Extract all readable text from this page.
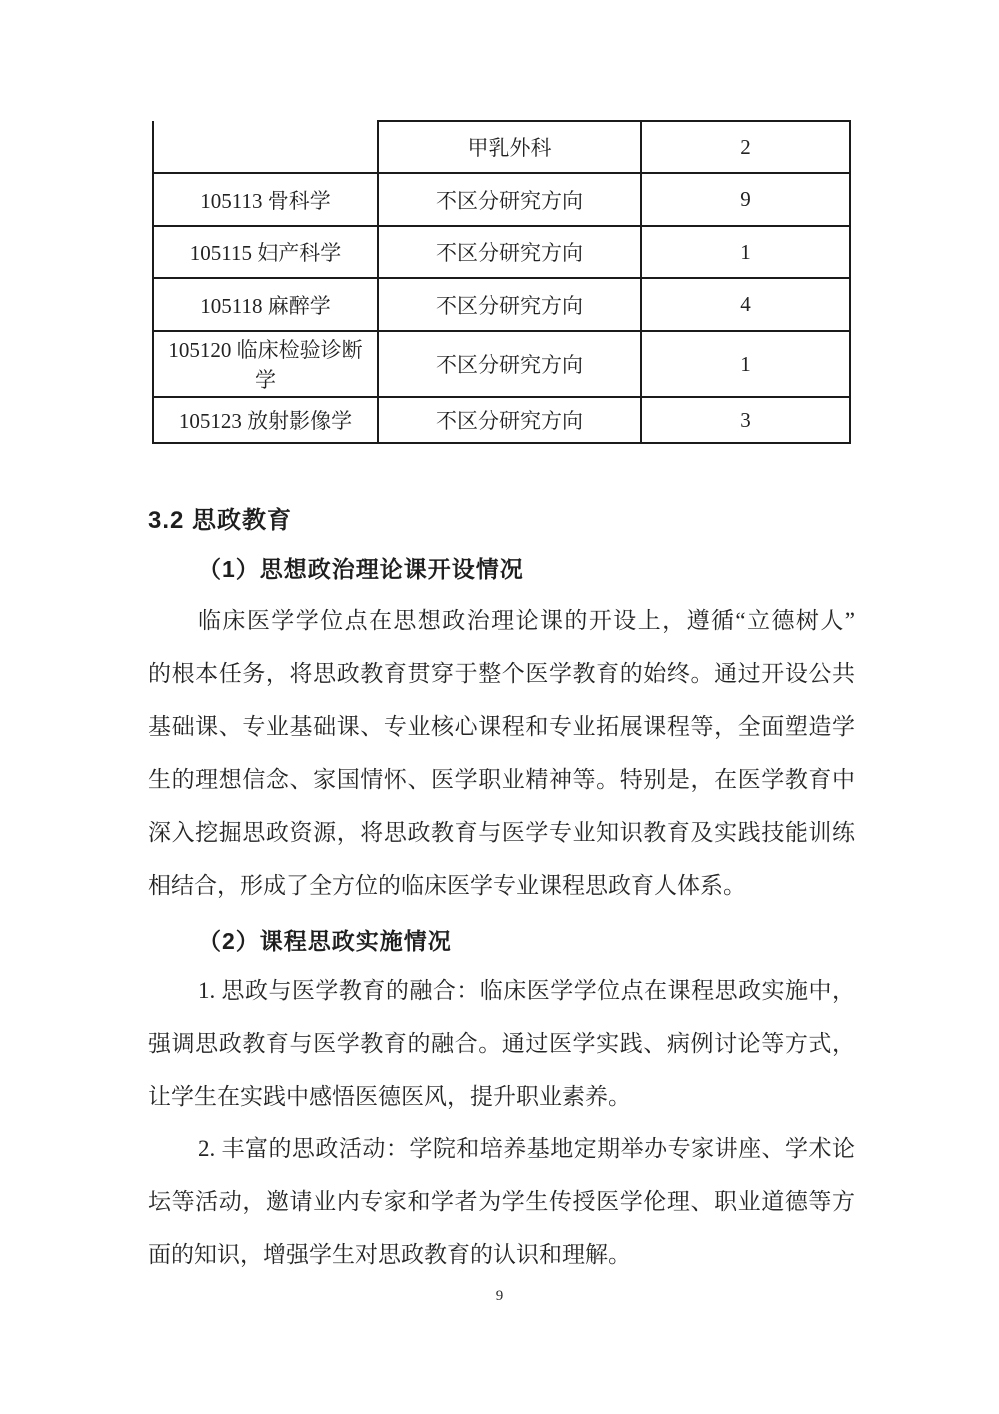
	甲乳外科	2
105113 骨科学	不区分研究方向	9
105115 妇产科学	不区分研究方向	1
105118 麻醉学	不区分研究方向	4
105120 临床检验诊断学	不区分研究方向	1
105123 放射影像学	不区分研究方向	3
3.2 思政教育
（1）思想政治理论课开设情况
临床医学学位点在思想政治理论课的开设上，遵循“立德树人”
的根本任务，将思政教育贯穿于整个医学教育的始终。通过开设公共
基础课、专业基础课、专业核心课程和专业拓展课程等，全面塑造学
生的理想信念、家国情怀、医学职业精神等。特别是，在医学教育中
深入挖掘思政资源，将思政教育与医学专业知识教育及实践技能训练
相结合，形成了全方位的临床医学专业课程思政育人体系。
（2）课程思政实施情况
1. 思政与医学教育的融合：临床医学学位点在课程思政实施中，
强调思政教育与医学教育的融合。通过医学实践、病例讨论等方式，
让学生在实践中感悟医德医风，提升职业素养。
2. 丰富的思政活动：学院和培养基地定期举办专家讲座、学术论
坛等活动，邀请业内专家和学者为学生传授医学伦理、职业道德等方
面的知识，增强学生对思政教育的认识和理解。
9
